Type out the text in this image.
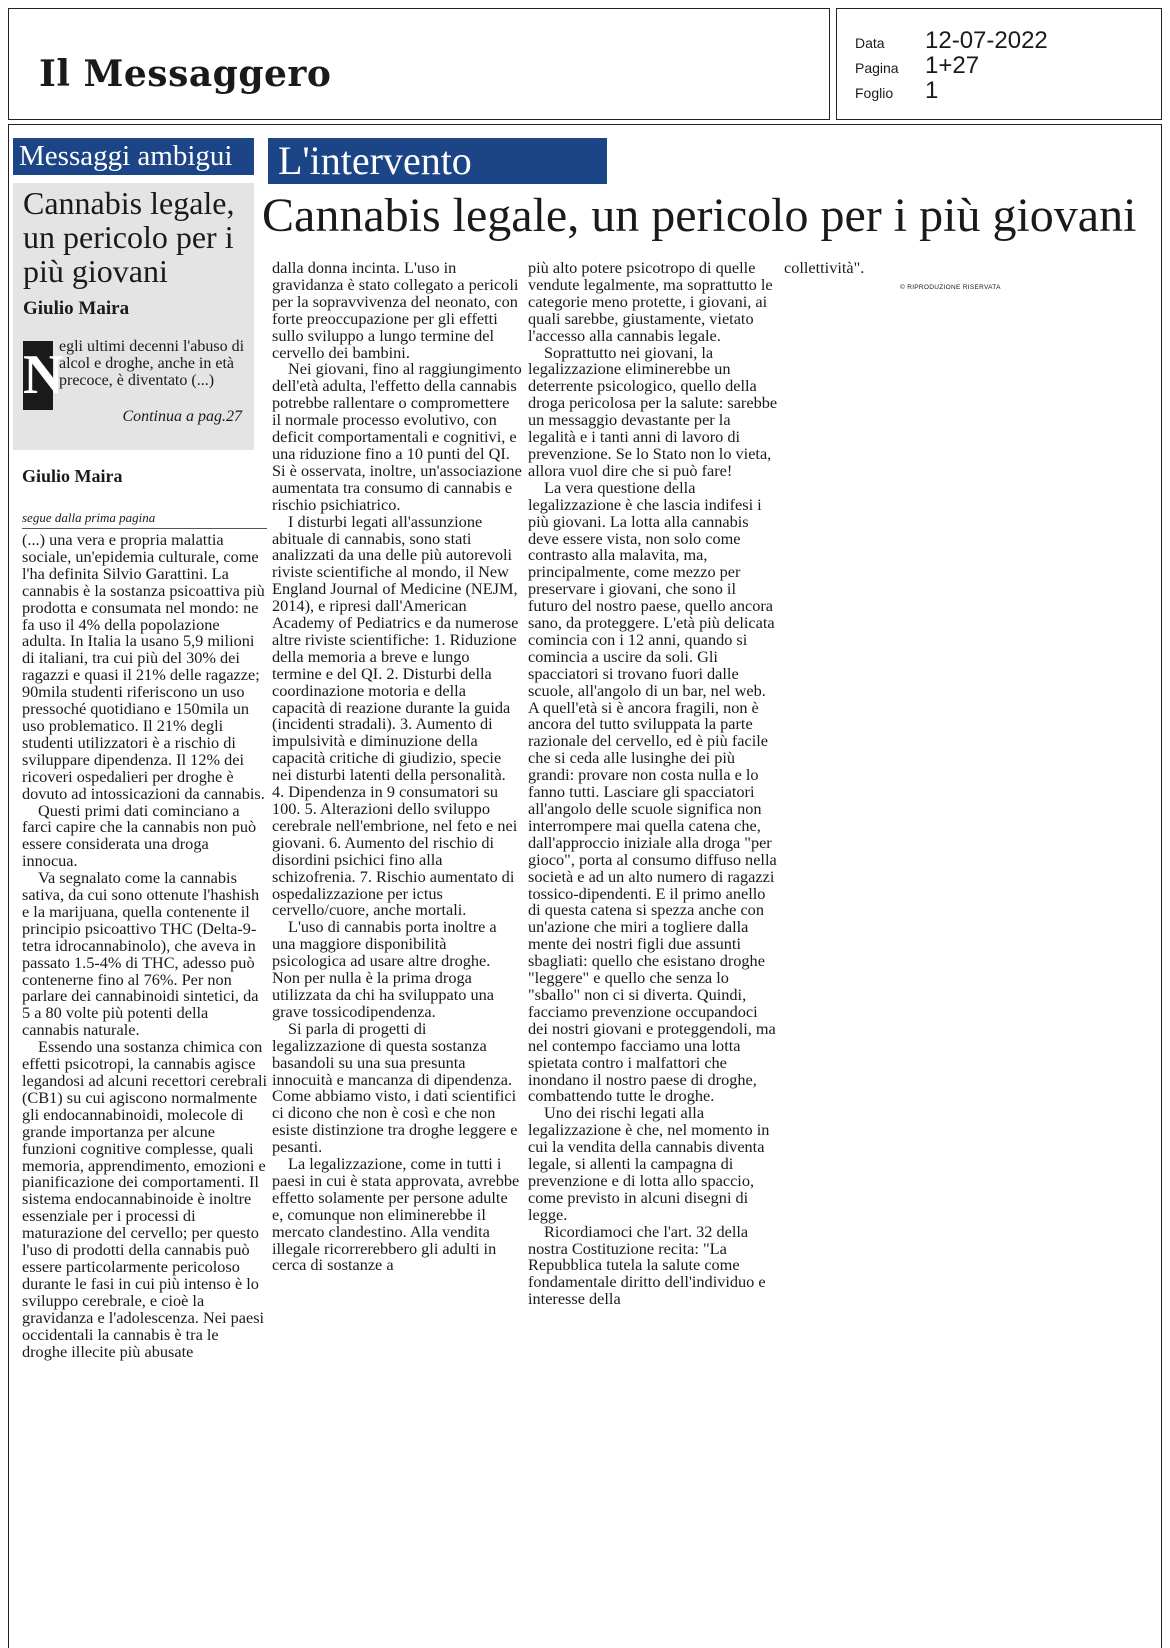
Il Messaggero
Data	12-07-2022
Pagina	1+27
Foglio	1
Messaggi ambigui	L'intervento
Cannabis legale, un pericolo per i più giovani
Giulio Maira
N
egli ultimi decenni l'abuso di alcol e droghe, anche in età precoce, è diventato (...)
Continua a pag.27
Giulio Maira
segue dalla prima pagina
Cannabis legale, un pericolo per i più giovani

(...) una vera e propria malattia sociale, un'epidemia culturale, come l'ha definita Silvio Garattini. La cannabis è la sostanza psicoattiva più prodotta e consumata nel mondo: ne fa uso il 4% della popolazione adulta. In Italia la usano 5,9 milioni di italiani, tra cui più del 30% dei ragazzi e quasi il 21% delle ragazze; 90mila studenti riferiscono un uso pressoché quotidiano e 150mila un uso problematico. Il 21% degli studenti utilizzatori è a rischio di sviluppare dipendenza. Il 12% dei ricoveri ospedalieri per droghe è dovuto ad intossicazioni da cannabis.

Questi primi dati cominciano a farci capire che la cannabis non può essere considerata una droga innocua.

Va segnalato come la cannabis sativa, da cui sono ottenute l'hashish e la marijuana, quella contenente il principio psicoattivo THC (Delta-9-tetra idrocannabinolo), che aveva in passato 1.5-4% di THC, adesso può contenerne fino al 76%. Per non parlare dei cannabinoidi sintetici, da 5 a 80 volte più potenti della cannabis naturale.

Essendo una sostanza chimica con effetti psicotropi, la cannabis agisce legandosi ad alcuni recettori cerebrali (CB1) su cui agiscono normalmente gli endocannabinoidi, molecole di grande importanza per alcune funzioni cognitive complesse, quali memoria, apprendimento, emozioni e pianificazione dei comportamenti. Il sistema endocannabinoide è inoltre essenziale per i processi di maturazione del cervello; per questo l'uso di prodotti della cannabis può essere particolarmente pericoloso durante le fasi in cui più intenso è lo sviluppo cerebrale, e cioè la gravidanza e l'adolescenza. Nei paesi occidentali la cannabis è tra le droghe illecite più abusate

dalla donna incinta. L'uso in gravidanza è stato collegato a pericoli per la sopravvivenza del neonato, con forte preoccupazione per gli effetti sullo sviluppo a lungo termine del cervello dei bambini.

Nei giovani, fino al raggiungimento dell'età adulta, l'effetto della cannabis potrebbe rallentare o compromettere il normale processo evolutivo, con deficit comportamentali e cognitivi, e una riduzione fino a 10 punti del QI. Si è osservata, inoltre, un'associazione aumentata tra consumo di cannabis e rischio psichiatrico.

I disturbi legati all'assunzione abituale di cannabis, sono stati analizzati da una delle più autorevoli riviste scientifiche al mondo, il New England Journal of Medicine (NEJM, 2014), e ripresi dall'American Academy of Pediatrics e da numerose altre riviste scientifiche: 1. Riduzione della memoria a breve e lungo termine e del QI. 2. Disturbi della coordinazione motoria e della capacità di reazione durante la guida (incidenti stradali). 3. Aumento di impulsività e diminuzione della capacità critiche di giudizio, specie nei disturbi latenti della personalità. 4. Dipendenza in 9 consumatori su 100. 5. Alterazioni dello sviluppo cerebrale nell'embrione, nel feto e nei giovani. 6. Aumento del rischio di disordini psichici fino alla schizofrenia. 7. Rischio aumentato di ospedalizzazione per ictus cervello/cuore, anche mortali.

L'uso di cannabis porta inoltre a una maggiore disponibilità psicologica ad usare altre droghe. Non per nulla è la prima droga utilizzata da chi ha sviluppato una grave tossicodipendenza.

Si parla di progetti di legalizzazione di questa sostanza basandoli su una sua presunta innocuità e mancanza di dipendenza. Come abbiamo visto, i dati scientifici ci dicono che non è così e che non esiste distinzione tra droghe leggere e pesanti.

La legalizzazione, come in tutti i paesi in cui è stata approvata, avrebbe effetto solamente per persone adulte e, comunque non eliminerebbe il mercato clandestino. Alla vendita illegale ricorrerebbero gli adulti in cerca di sostanze a

più alto potere psicotropo di quelle vendute legalmente, ma soprattutto le categorie meno protette, i giovani, ai quali sarebbe, giustamente, vietato l'accesso alla cannabis legale.

Soprattutto nei giovani, la legalizzazione eliminerebbe un deterrente psicologico, quello della droga pericolosa per la salute: sarebbe un messaggio devastante per la legalità e i tanti anni di lavoro di prevenzione. Se lo Stato non lo vieta, allora vuol dire che si può fare!

La vera questione della legalizzazione è che lascia indifesi i più giovani. La lotta alla cannabis deve essere vista, non solo come contrasto alla malavita, ma, principalmente, come mezzo per preservare i giovani, che sono il futuro del nostro paese, quello ancora sano, da proteggere. L'età più delicata comincia con i 12 anni, quando si comincia a uscire da soli. Gli spacciatori si trovano fuori dalle scuole, all'angolo di un bar, nel web. A quell'età si è ancora fragili, non è ancora del tutto sviluppata la parte razionale del cervello, ed è più facile che si ceda alle lusinghe dei più grandi: provare non costa nulla e lo fanno tutti. Lasciare gli spacciatori all'angolo delle scuole significa non interrompere mai quella catena che, dall'approccio iniziale alla droga "per gioco", porta al consumo diffuso nella società e ad un alto numero di ragazzi tossico-dipendenti. E il primo anello di questa catena si spezza anche con un'azione che miri a togliere dalla mente dei nostri figli due assunti sbagliati: quello che esistano droghe "leggere" e quello che senza lo "sballo" non ci si diverta. Quindi, facciamo prevenzione occupandoci dei nostri giovani e proteggendoli, ma nel contempo facciamo una lotta spietata contro i malfattori che inondano il nostro paese di droghe, combattendo tutte le droghe.

Uno dei rischi legati alla legalizzazione è che, nel momento in cui la vendita della cannabis diventa legale, si allenti la campagna di prevenzione e di lotta allo spaccio, come previsto in alcuni disegni di legge.

Ricordiamoci che l'art. 32 della nostra Costituzione recita: "La Repubblica tutela la salute come fondamentale diritto dell'individuo e interesse della

collettività".

© RIPRODUZIONE RISERVATA
